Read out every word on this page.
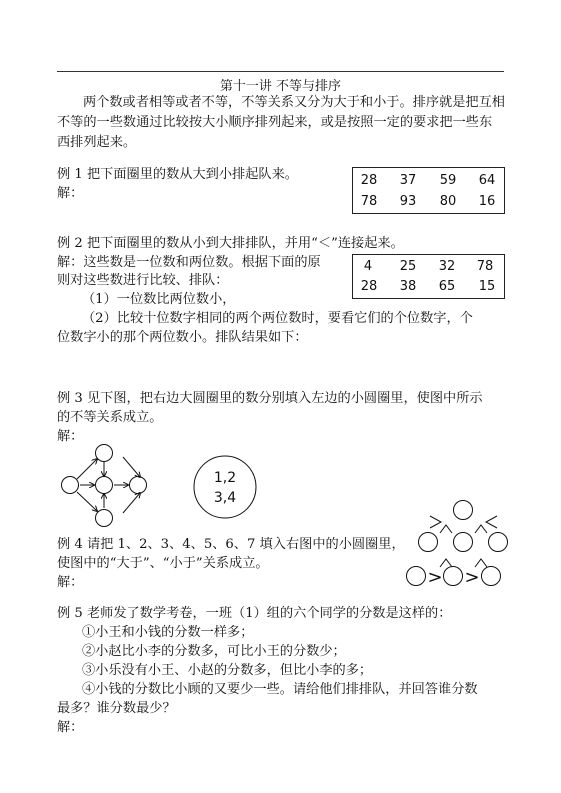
第十一讲 不等与排序
两个数或者相等或者不等，不等关系又分为大于和小于。排序就是把互相不等的一些数通过比较按大小顺序排列起来，或是按照一定的要求把一些东西排列起来。
例 1 把下面圈里的数从大到小排起队来。
解：
28	37	59	64
78	93	80	16
例 2 把下面圈里的数从小到大排排队，并用“＜”连接起来。
解：这些数是一位数和两位数。根据下面的原
则对这些数进行比较、排队：
（1）一位数比两位数小，
（2）比较十位数字相同的两个两位数时，要看它们的个位数字，个
位数字小的那个两位数小。排队结果如下：
4	25	32	78
28	38	65	15
例 3 见下图，把右边大圆圈里的数分别填入左边的小圆圈里，使图中所示
的不等关系成立。
解：
1,2
3,4
例 4 请把 1、2、3、4、5、6、7 填入右图中的小圆圈里，
使图中的“大于”、“小于”关系成立。
解：	> >
例 5 老师发了数学考卷，一班（1）组的六个同学的分数是这样的：
①小王和小钱的分数一样多；
②小赵比小李的分数多，可比小王的分数少；
③小乐没有小王、小赵的分数多，但比小李的多；
④小钱的分数比小顾的又要少一些。请给他们排排队，并回答谁分数
最多？谁分数最少？
解：
